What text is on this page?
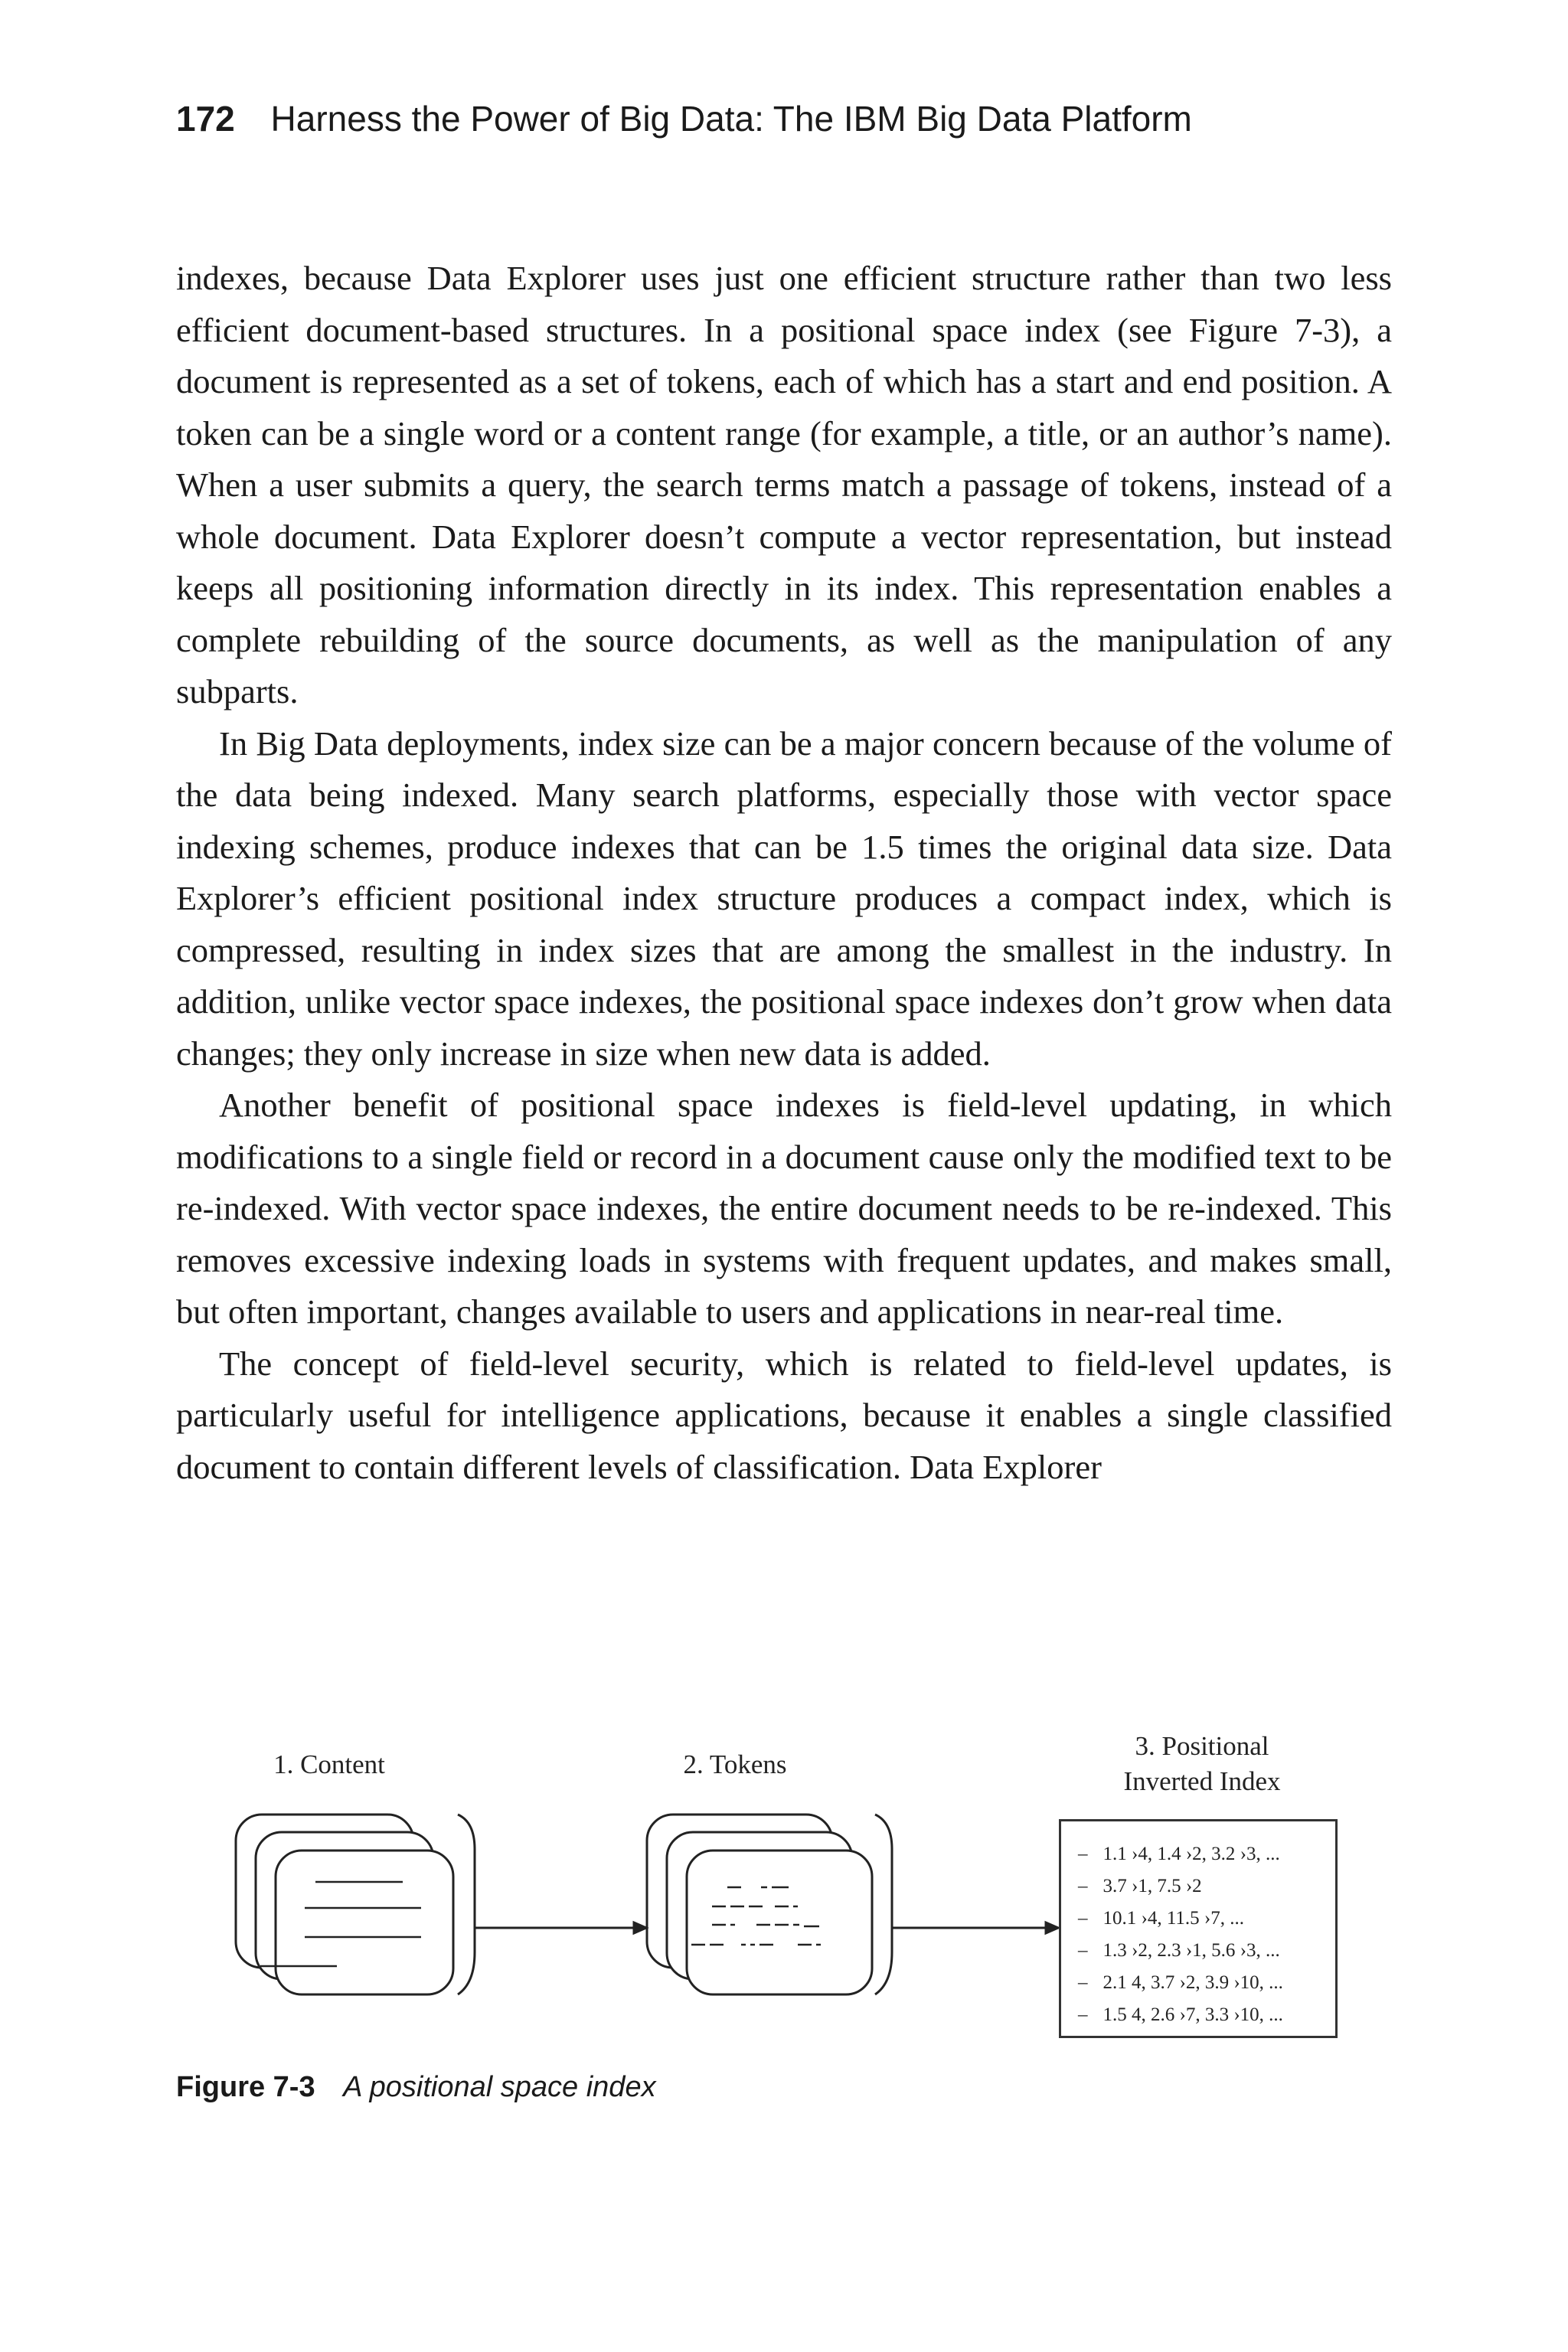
172 Harness the Power of Big Data: The IBM Big Data Platform

indexes, because Data Explorer uses just one efficient structure rather than two less efficient document-based structures. In a positional space index (see Figure 7-3), a document is represented as a set of tokens, each of which has a start and end position. A token can be a single word or a content range (for example, a title, or an author’s name). When a user submits a query, the search terms match a passage of tokens, instead of a whole document. Data Explorer doesn’t compute a vector representation, but instead keeps all positioning information directly in its index. This representation enables a complete rebuilding of the source documents, as well as the manipulation of any subparts.

In Big Data deployments, index size can be a major concern because of the volume of the data being indexed. Many search platforms, especially those with vector space indexing schemes, produce indexes that can be 1.5 times the original data size. Data Explorer’s efficient positional index structure produces a compact index, which is compressed, resulting in index sizes that are among the smallest in the industry. In addition, unlike vector space indexes, the positional space indexes don’t grow when data changes; they only increase in size when new data is added.

Another benefit of positional space indexes is field-level updating, in which modifications to a single field or record in a document cause only the modified text to be re-indexed. With vector space indexes, the entire document needs to be re-indexed. This removes excessive indexing loads in systems with frequent updates, and makes small, but often important, changes available to users and applications in near-real time.

The concept of field-level security, which is related to field-level updates, is particularly useful for intelligence applications, because it enables a single classified document to contain different levels of classification. Data Explorer

1. Content	2. Tokens
3. Positional
Inverted Index
– 1.1 ›4, 1.4 ›2, 3.2 ›3, ...
– 3.7 ›1, 7.5 ›2
– 10.1 ›4, 11.5 ›7, ...
– 1.3 ›2, 2.3 ›1, 5.6 ›3, ...
– 2.1 4, 3.7 ›2, 3.9 ›10, ...
– 1.5 4, 2.6 ›7, 3.3 ›10, ...
Figure 7-3 A positional space index
